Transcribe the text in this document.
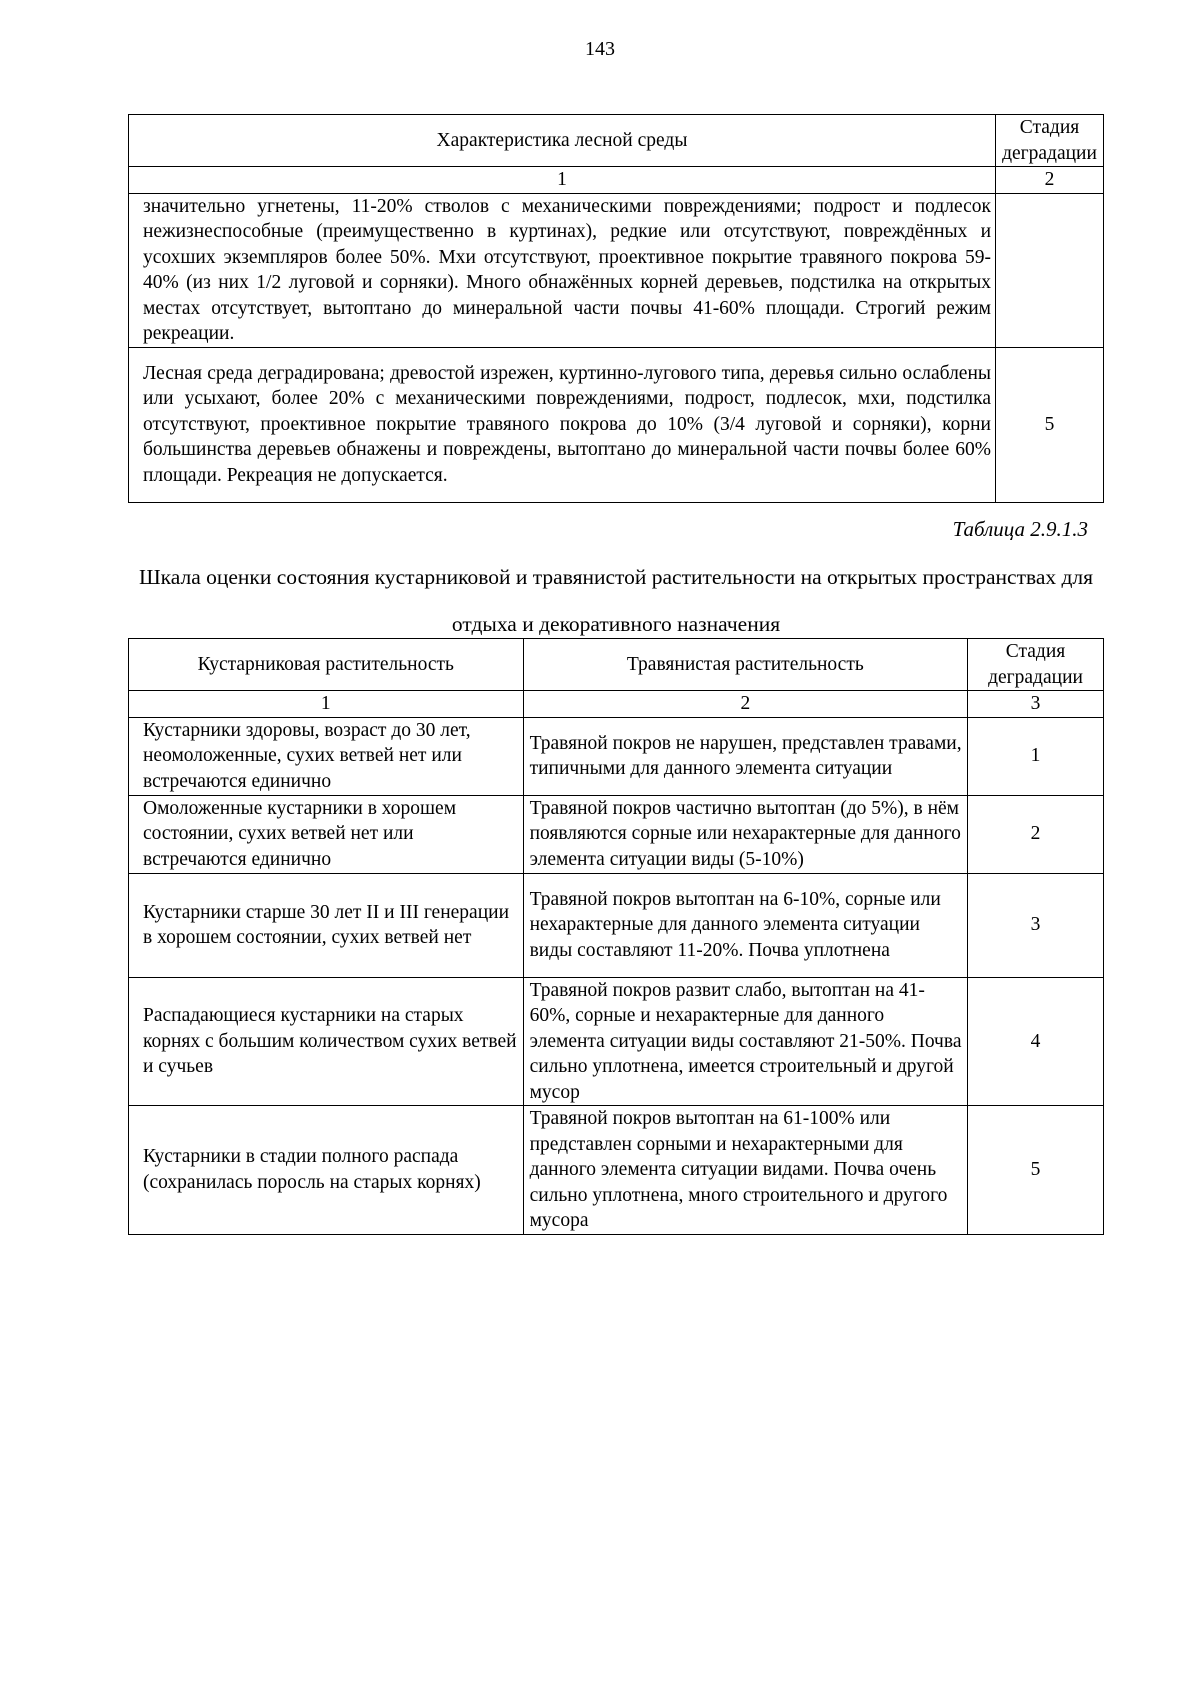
143
Характеристика лесной среды	Стадия деградации
1	2
значительно угнетены, 11-20% стволов с механическими повреждениями; подрост и подлесок нежизнеспособные (преимущественно в куртинах), редкие или отсутствуют, повреждённых и усохших экземпляров более 50%. Мхи отсутствуют, проективное покрытие травяного покрова 59-40% (из них 1/2 луговой и сорняки). Много обнажённых корней деревьев, подстилка на открытых местах отсутствует, вытоптано до минеральной части почвы 41-60% площади. Строгий режим рекреации.	
Лесная среда деградирована; древостой изрежен, куртинно-лугового типа, деревья сильно ослаблены или усыхают, более 20% с механическими повреждениями, подрост, подлесок, мхи, подстилка отсутствуют, проективное покрытие травяного покрова до 10% (3/4 луговой и сорняки), корни большинства деревьев обнажены и повреждены, вытоптано до минеральной части почвы более 60% площади. Рекреация не допускается.	5
Таблица 2.9.1.3
Шкала оценки состояния кустарниковой и травянистой растительности на открытых пространствах для отдыха и декоративного назначения
Кустарниковая растительность	Травянистая растительность	Стадия деградации
1	2	3
Кустарники здоровы, возраст до 30 лет, неомоложенные, сухих ветвей нет или встречаются единично	Травяной покров не нарушен, представлен травами, типичными для данного элемента ситуации	1
Омоложенные кустарники в хорошем состоянии, сухих ветвей нет или встречаются единично	Травяной покров частично вытоптан (до 5%), в нём появляются сорные или нехарактерные для данного элемента ситуации виды (5-10%)	2
Кустарники старше 30 лет II и III генерации в хорошем состоянии, сухих ветвей нет	Травяной покров вытоптан на 6-10%, сорные или нехарактерные для данного элемента ситуации виды составляют 11-20%. Почва уплотнена	3
Распадающиеся кустарники на старых корнях с большим количеством сухих ветвей и сучьев	Травяной покров развит слабо, вытоптан на 41-60%, сорные и нехарактерные для данного элемента ситуации виды составляют 21-50%. Почва сильно уплотнена, имеется строительный и другой мусор	4
Кустарники в стадии полного распада (сохранилась поросль на старых корнях)	Травяной покров вытоптан на 61-100% или представлен сорными и нехарактерными для данного элемента ситуации видами. Почва очень сильно уплотнена, много строительного и другого мусора	5
